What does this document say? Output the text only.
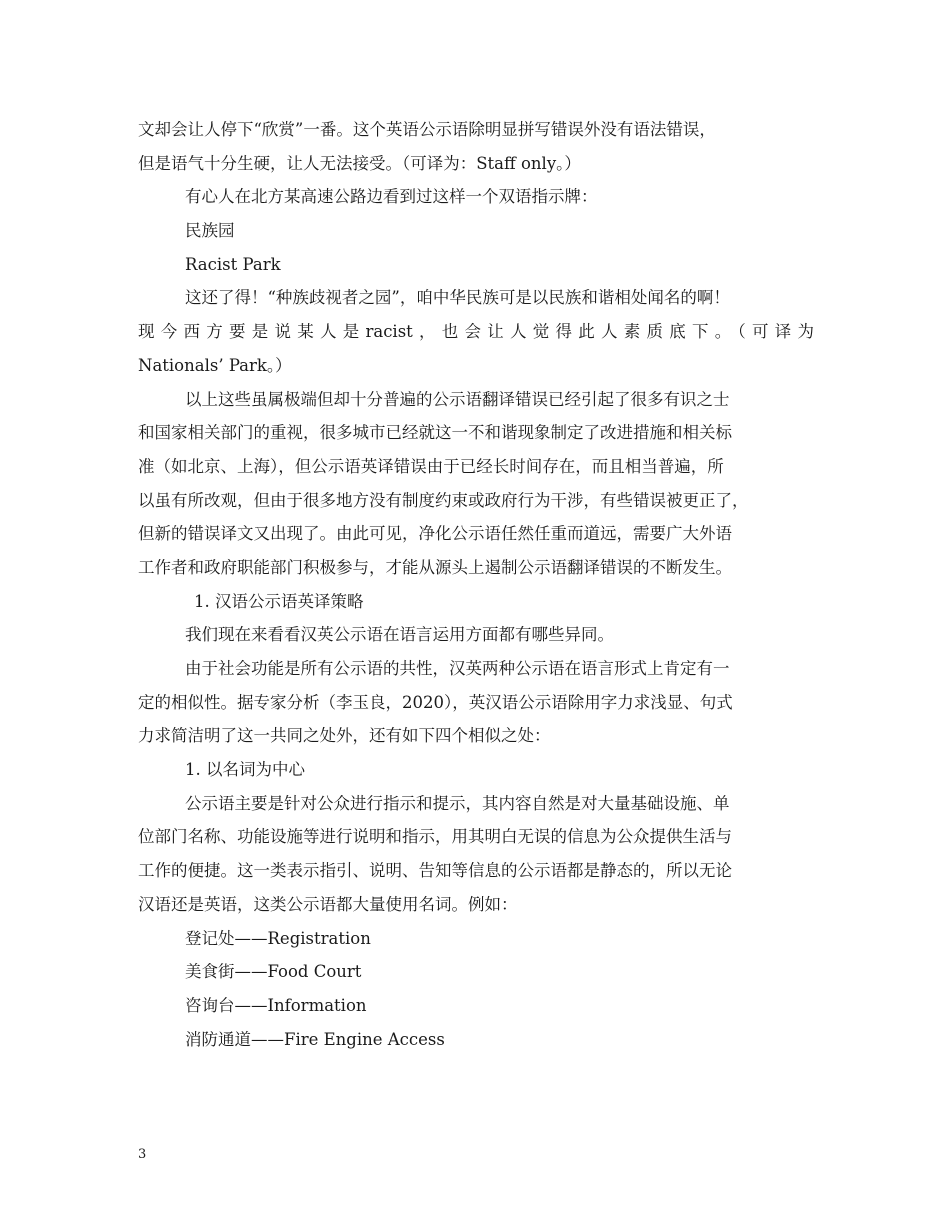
文却会让人停下“欣赏”一番。这个英语公示语除明显拼写错误外没有语法错误，
但是语气十分生硬，让人无法接受。（可译为：Staff only。）
有心人在北方某高速公路边看到过这样一个双语指示牌：
民族园
Racist Park
这还了得！“种族歧视者之园”，咱中华民族可是以民族和谐相处闻名的啊！
现今西方要是说某人是racist，也会让人觉得此人素质底下。（可译为
Nationals’ Park。）
以上这些虽属极端但却十分普遍的公示语翻译错误已经引起了很多有识之士
和国家相关部门的重视，很多城市已经就这一不和谐现象制定了改进措施和相关标
准（如北京、上海），但公示语英译错误由于已经长时间存在，而且相当普遍，所
以虽有所改观，但由于很多地方没有制度约束或政府行为干涉，有些错误被更正了，
但新的错误译文又出现了。由此可见，净化公示语任然任重而道远，需要广大外语
工作者和政府职能部门积极参与，才能从源头上遏制公示语翻译错误的不断发生。
1. 汉语公示语英译策略
我们现在来看看汉英公示语在语言运用方面都有哪些异同。
由于社会功能是所有公示语的共性，汉英两种公示语在语言形式上肯定有一
定的相似性。据专家分析（李玉良，2020），英汉语公示语除用字力求浅显、句式
力求简洁明了这一共同之处外，还有如下四个相似之处：
1. 以名词为中心
公示语主要是针对公众进行指示和提示，其内容自然是对大量基础设施、单
位部门名称、功能设施等进行说明和指示，用其明白无误的信息为公众提供生活与
工作的便捷。这一类表示指引、说明、告知等信息的公示语都是静态的，所以无论
汉语还是英语，这类公示语都大量使用名词。例如：
登记处——Registration
美食街——Food Court
咨询台——Information
消防通道——Fire Engine Access
3
